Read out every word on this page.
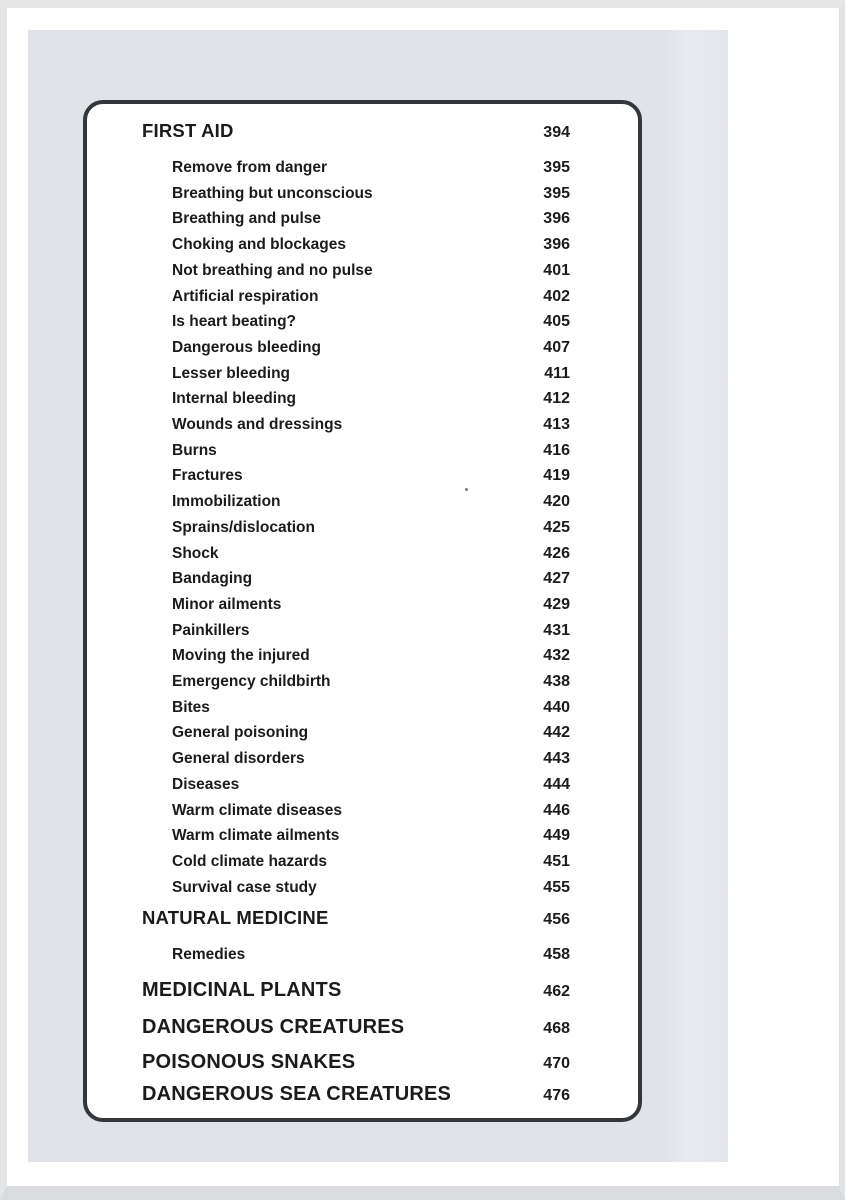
FIRST AID	394
Remove from danger	395
Breathing but unconscious	395
Breathing and pulse	396
Choking and blockages	396
Not breathing and no pulse	401
Artificial respiration	402
Is heart beating?	405
Dangerous bleeding	407
Lesser bleeding	411
Internal bleeding	412
Wounds and dressings	413
Burns	416
Fractures	419
Immobilization	420
Sprains/dislocation	425
Shock	426
Bandaging	427
Minor ailments	429
Painkillers	431
Moving the injured	432
Emergency childbirth	438
Bites	440
General poisoning	442
General disorders	443
Diseases	444
Warm climate diseases	446
Warm climate ailments	449
Cold climate hazards	451
Survival case study	455
NATURAL MEDICINE	456
Remedies	458
MEDICINAL PLANTS	462
DANGEROUS CREATURES	468
POISONOUS SNAKES	470
DANGEROUS SEA CREATURES	476
